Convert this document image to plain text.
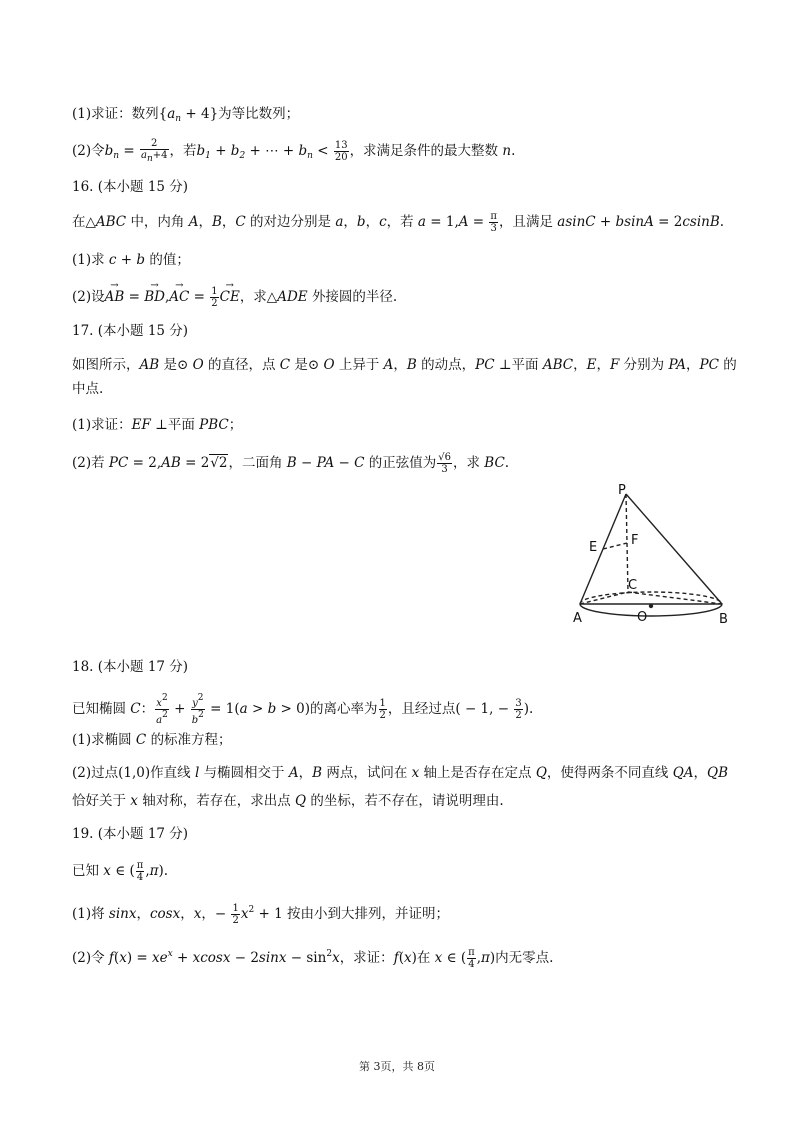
(1)求证：数列$\{a_n + 4\}$为等比数列；
(2)令$b_n = \frac{2}{an+4}$ ，若$b_1 + b_2$ + ⋯ + $b_n < \frac{13}{20}$ ，求满足条件的最大整数 n.
16. (本小题 15 分)
在△ABC 中，内角 A，B，C 的对边分别是 a，b，c，若 $a = 1,A = \frac{\pi}{3}$ ，且满足 asinC + bsinA = 2csinB.
(1)求 c + b 的值；
(2)设→ AB = → BD,→ AC = $\frac{1}{2}$
→ CE，求△ADE 外接圆的半径.
17. (本小题 15 分)
如图所示，AB 是⊙ O 的直径，点 C 是⊙ O 上异于 A，B 的动点，PC ⊥平面 ABC，E，F 分别为 PA，PC 的
中点.
(1)求证：EF ⊥平面 PBC；
(2)若 PC = 2,AB = 2√2，二面角 B − PA − C 的正弦值为 $\frac{√6}{3}$ ，求 BC.
P
E	F
C
A	O	B
18. (本小题 17 分)
已知椭圆 C： $\frac{x2}{a2} + \frac{y2}{b2} = 1(a > b > 0)$的离心率为 $\frac{1}{2}$ ，且经过点( − 1, − $\frac{3}{2}$ ).
(1)求椭圆 C 的标准方程；
(2)过点(1,0)作直线 l 与椭圆相交于 A，B 两点，试问在 x 轴上是否存在定点 Q，使得两条不同直线 QA，QB
恰好关于 x 轴对称，若存在，求出点 Q 的坐标，若不存在，请说明理由.
19. (本小题 17 分)
已知 x ∈ ( $\frac{\pi}{4} ,\pi$).
(1)将 sinx，cosx，x，− $\frac{1}{2} x^2 + 1$ 按由小到大排列，并证明；
(2)令 $f(x) = xe^x + xcosx - 2\sin x - \sin^2x$，求证：f(x)在 x ∈ ( $\frac{\pi}{4} ,\pi$)内无零点.
第 3页，共 8页
